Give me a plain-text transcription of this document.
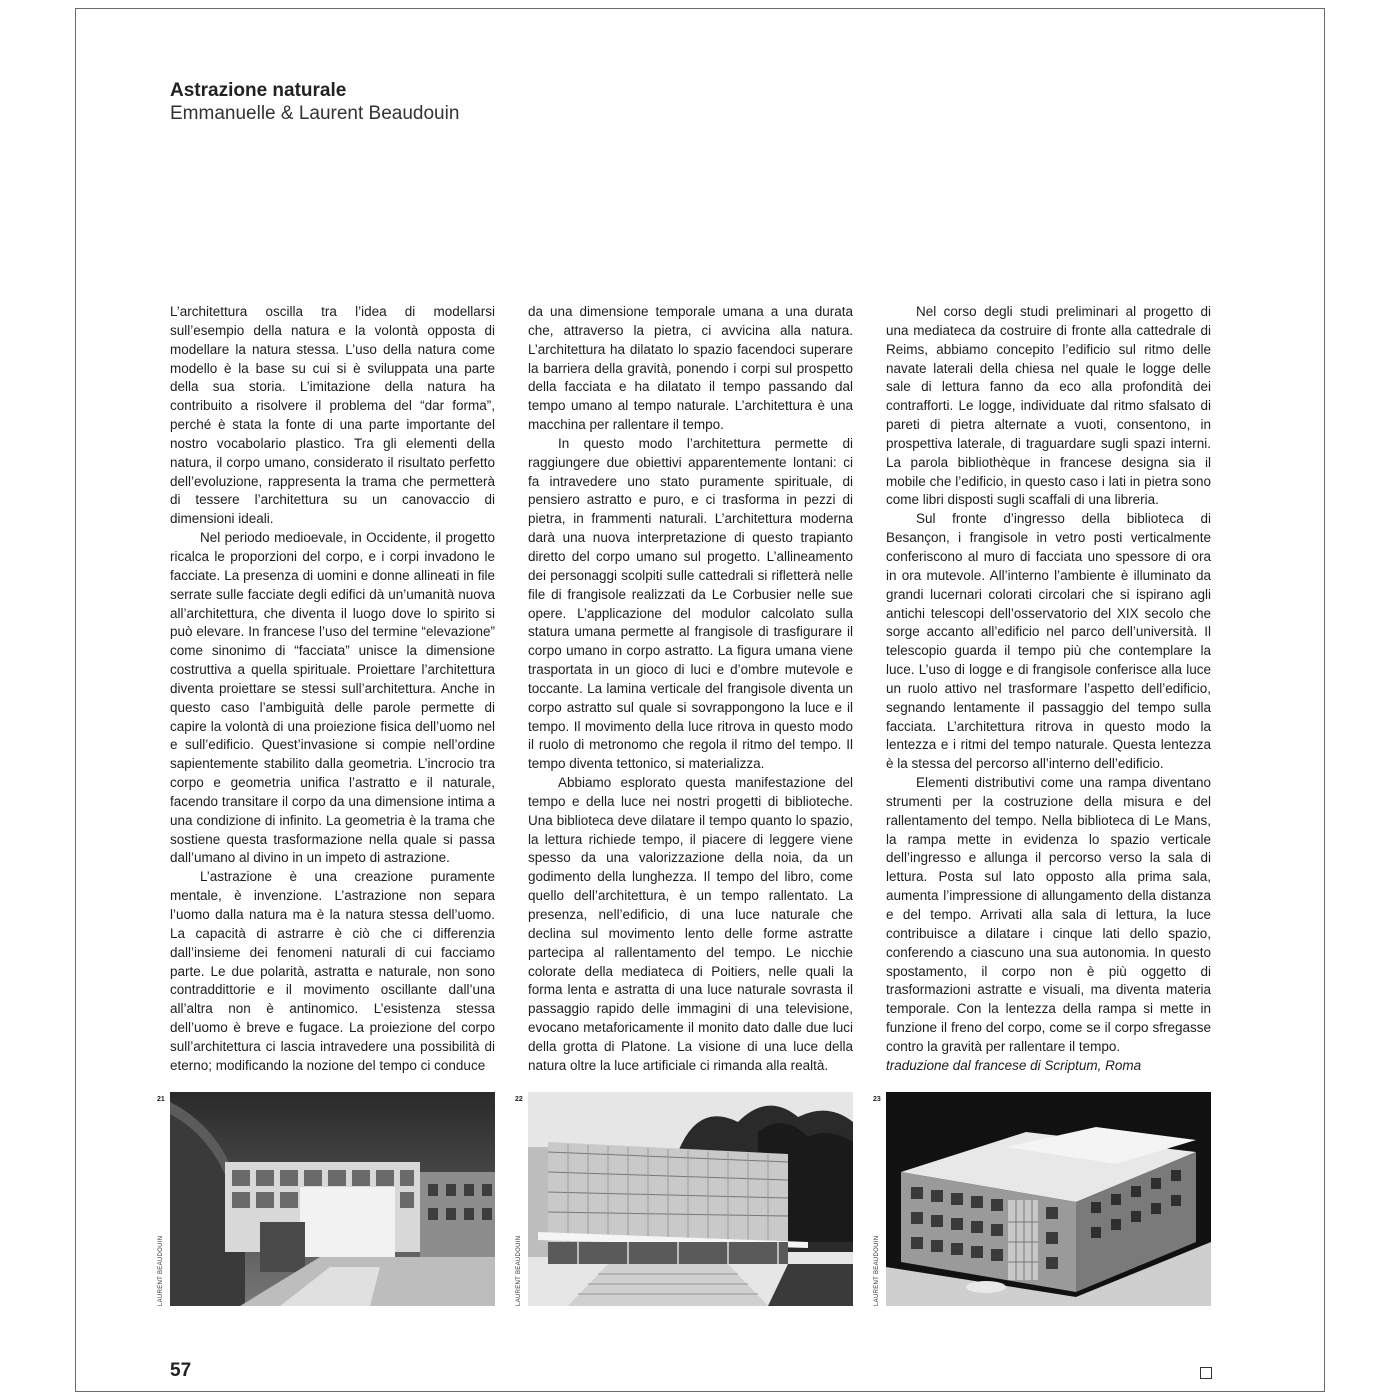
Astrazione naturale
Emmanuelle & Laurent Beaudouin

L’architettura oscilla tra l’idea di modellarsi sull’esempio della natura e la volontà opposta di modellare la natura stessa. L’uso della natura come modello è la base su cui si è sviluppata una parte della sua storia. L’imitazione della natura ha contribuito a risolvere il problema del “dar forma”, perché è stata la fonte di una parte importante del nostro vocabolario plastico. Tra gli elementi della natura, il corpo umano, considerato il risultato perfetto dell’evoluzione, rappresenta la trama che permetterà di tessere l’architettura su un canovaccio di dimensioni ideali.

Nel periodo medioevale, in Occidente, il progetto ricalca le proporzioni del corpo, e i corpi invadono le facciate. La presenza di uomini e donne allineati in file serrate sulle facciate degli edifici dà un’umanità nuova all’architettura, che diventa il luogo dove lo spirito si può elevare. In francese l’uso del termine “elevazione” come sinonimo di “facciata” unisce la dimensione costruttiva a quella spirituale. Proiettare l’architettura diventa proiettare se stessi sull’architettura. Anche in questo caso l’ambiguità delle parole permette di capire la volontà di una proiezione fisica dell’uomo nel e sull’edificio. Quest’invasione si compie nell’ordine sapientemente stabilito dalla geometria. L’incrocio tra corpo e geometria unifica l’astratto e il naturale, facendo transitare il corpo da una dimensione intima a una condizione di infinito. La geometria è la trama che sostiene questa trasformazione nella quale si passa dall’umano al divino in un impeto di astrazione.

L’astrazione è una creazione puramente mentale, è invenzione. L’astrazione non separa l’uomo dalla natura ma è la natura stessa dell’uomo. La capacità di astrarre è ciò che ci differenzia dall’insieme dei fenomeni naturali di cui facciamo parte. Le due polarità, astratta e naturale, non sono contraddittorie e il movimento oscillante dall’una all’altra non è antinomico. L’esistenza stessa dell’uomo è breve e fugace. La proiezione del corpo sull’architettura ci lascia intravedere una possibilità di eterno; modificando la nozione del tempo ci conduce

da una dimensione temporale umana a una durata che, attraverso la pietra, ci avvicina alla natura. L’architettura ha dilatato lo spazio facendoci superare la barriera della gravità, ponendo i corpi sul prospetto della facciata e ha dilatato il tempo passando dal tempo umano al tempo naturale. L’architettura è una macchina per rallentare il tempo.

In questo modo l’architettura permette di raggiungere due obiettivi apparentemente lontani: ci fa intravedere uno stato puramente spirituale, di pensiero astratto e puro, e ci trasforma in pezzi di pietra, in frammenti naturali. L’architettura moderna darà una nuova interpretazione di questo trapianto diretto del corpo umano sul progetto. L’allineamento dei personaggi scolpiti sulle cattedrali si rifletterà nelle file di frangisole realizzati da Le Corbusier nelle sue opere. L’applicazione del modulor calcolato sulla statura umana permette al frangisole di trasfigurare il corpo umano in corpo astratto. La figura umana viene trasportata in un gioco di luci e d’ombre mutevole e toccante. La lamina verticale del frangisole diventa un corpo astratto sul quale si sovrappongono la luce e il tempo. Il movimento della luce ritrova in questo modo il ruolo di metronomo che regola il ritmo del tempo. Il tempo diventa tettonico, si materializza.

Abbiamo esplorato questa manifestazione del tempo e della luce nei nostri progetti di biblioteche. Una biblioteca deve dilatare il tempo quanto lo spazio, la lettura richiede tempo, il piacere di leggere viene spesso da una valorizzazione della noia, da un godimento della lunghezza. Il tempo del libro, come quello dell’architettura, è un tempo rallentato. La presenza, nell’edificio, di una luce naturale che declina sul movimento lento delle forme astratte partecipa al rallentamento del tempo. Le nicchie colorate della mediateca di Poitiers, nelle quali la forma lenta e astratta di una luce naturale sovrasta il passaggio rapido delle immagini di una televisione, evocano metaforicamente il monito dato dalle due luci della grotta di Platone. La visione di una luce della natura oltre la luce artificiale ci rimanda alla realtà.

Nel corso degli studi preliminari al progetto di una mediateca da costruire di fronte alla cattedrale di Reims, abbiamo concepito l’edificio sul ritmo delle navate laterali della chiesa nel quale le logge delle sale di lettura fanno da eco alla profondità dei contrafforti. Le logge, individuate dal ritmo sfalsato di pareti di pietra alternate a vuoti, consentono, in prospettiva laterale, di traguardare sugli spazi interni. La parola bibliothèque in francese designa sia il mobile che l’edificio, in questo caso i lati in pietra sono come libri disposti sugli scaffali di una libreria.

Sul fronte d’ingresso della biblioteca di Besançon, i frangisole in vetro posti verticalmente conferiscono al muro di facciata uno spessore di ora in ora mutevole. All’interno l’ambiente è illuminato da grandi lucernari colorati circolari che si ispirano agli antichi telescopi dell’osservatorio del XIX secolo che sorge accanto all’edificio nel parco dell’università. Il telescopio guarda il tempo più che contemplare la luce. L’uso di logge e di frangisole conferisce alla luce un ruolo attivo nel trasformare l’aspetto dell’edificio, segnando lentamente il passaggio del tempo sulla facciata. L’architettura ritrova in questo modo la lentezza e i ritmi del tempo naturale. Questa lentezza è la stessa del percorso all’interno dell’edificio.

Elementi distributivi come una rampa diventano strumenti per la costruzione della misura e del rallentamento del tempo. Nella biblioteca di Le Mans, la rampa mette in evidenza lo spazio verticale dell’ingresso e allunga il percorso verso la sala di lettura. Posta sul lato opposto alla prima sala, aumenta l’impressione di allungamento della distanza e del tempo. Arrivati alla sala di lettura, la luce contribuisce a dilatare i cinque lati dello spazio, conferendo a ciascuno una sua autonomia. In questo spostamento, il corpo non è più oggetto di trasformazioni astratte e visuali, ma diventa materia temporale. Con la lentezza della rampa si mette in funzione il freno del corpo, come se il corpo sfregasse contro la gravità per rallentare il tempo.

traduzione dal francese di Scriptum, Roma

21	22	23
LAURENT BEAUDOUIN	LAURENT BEAUDOUIN	LAURENT BEAUDOUIN
57
